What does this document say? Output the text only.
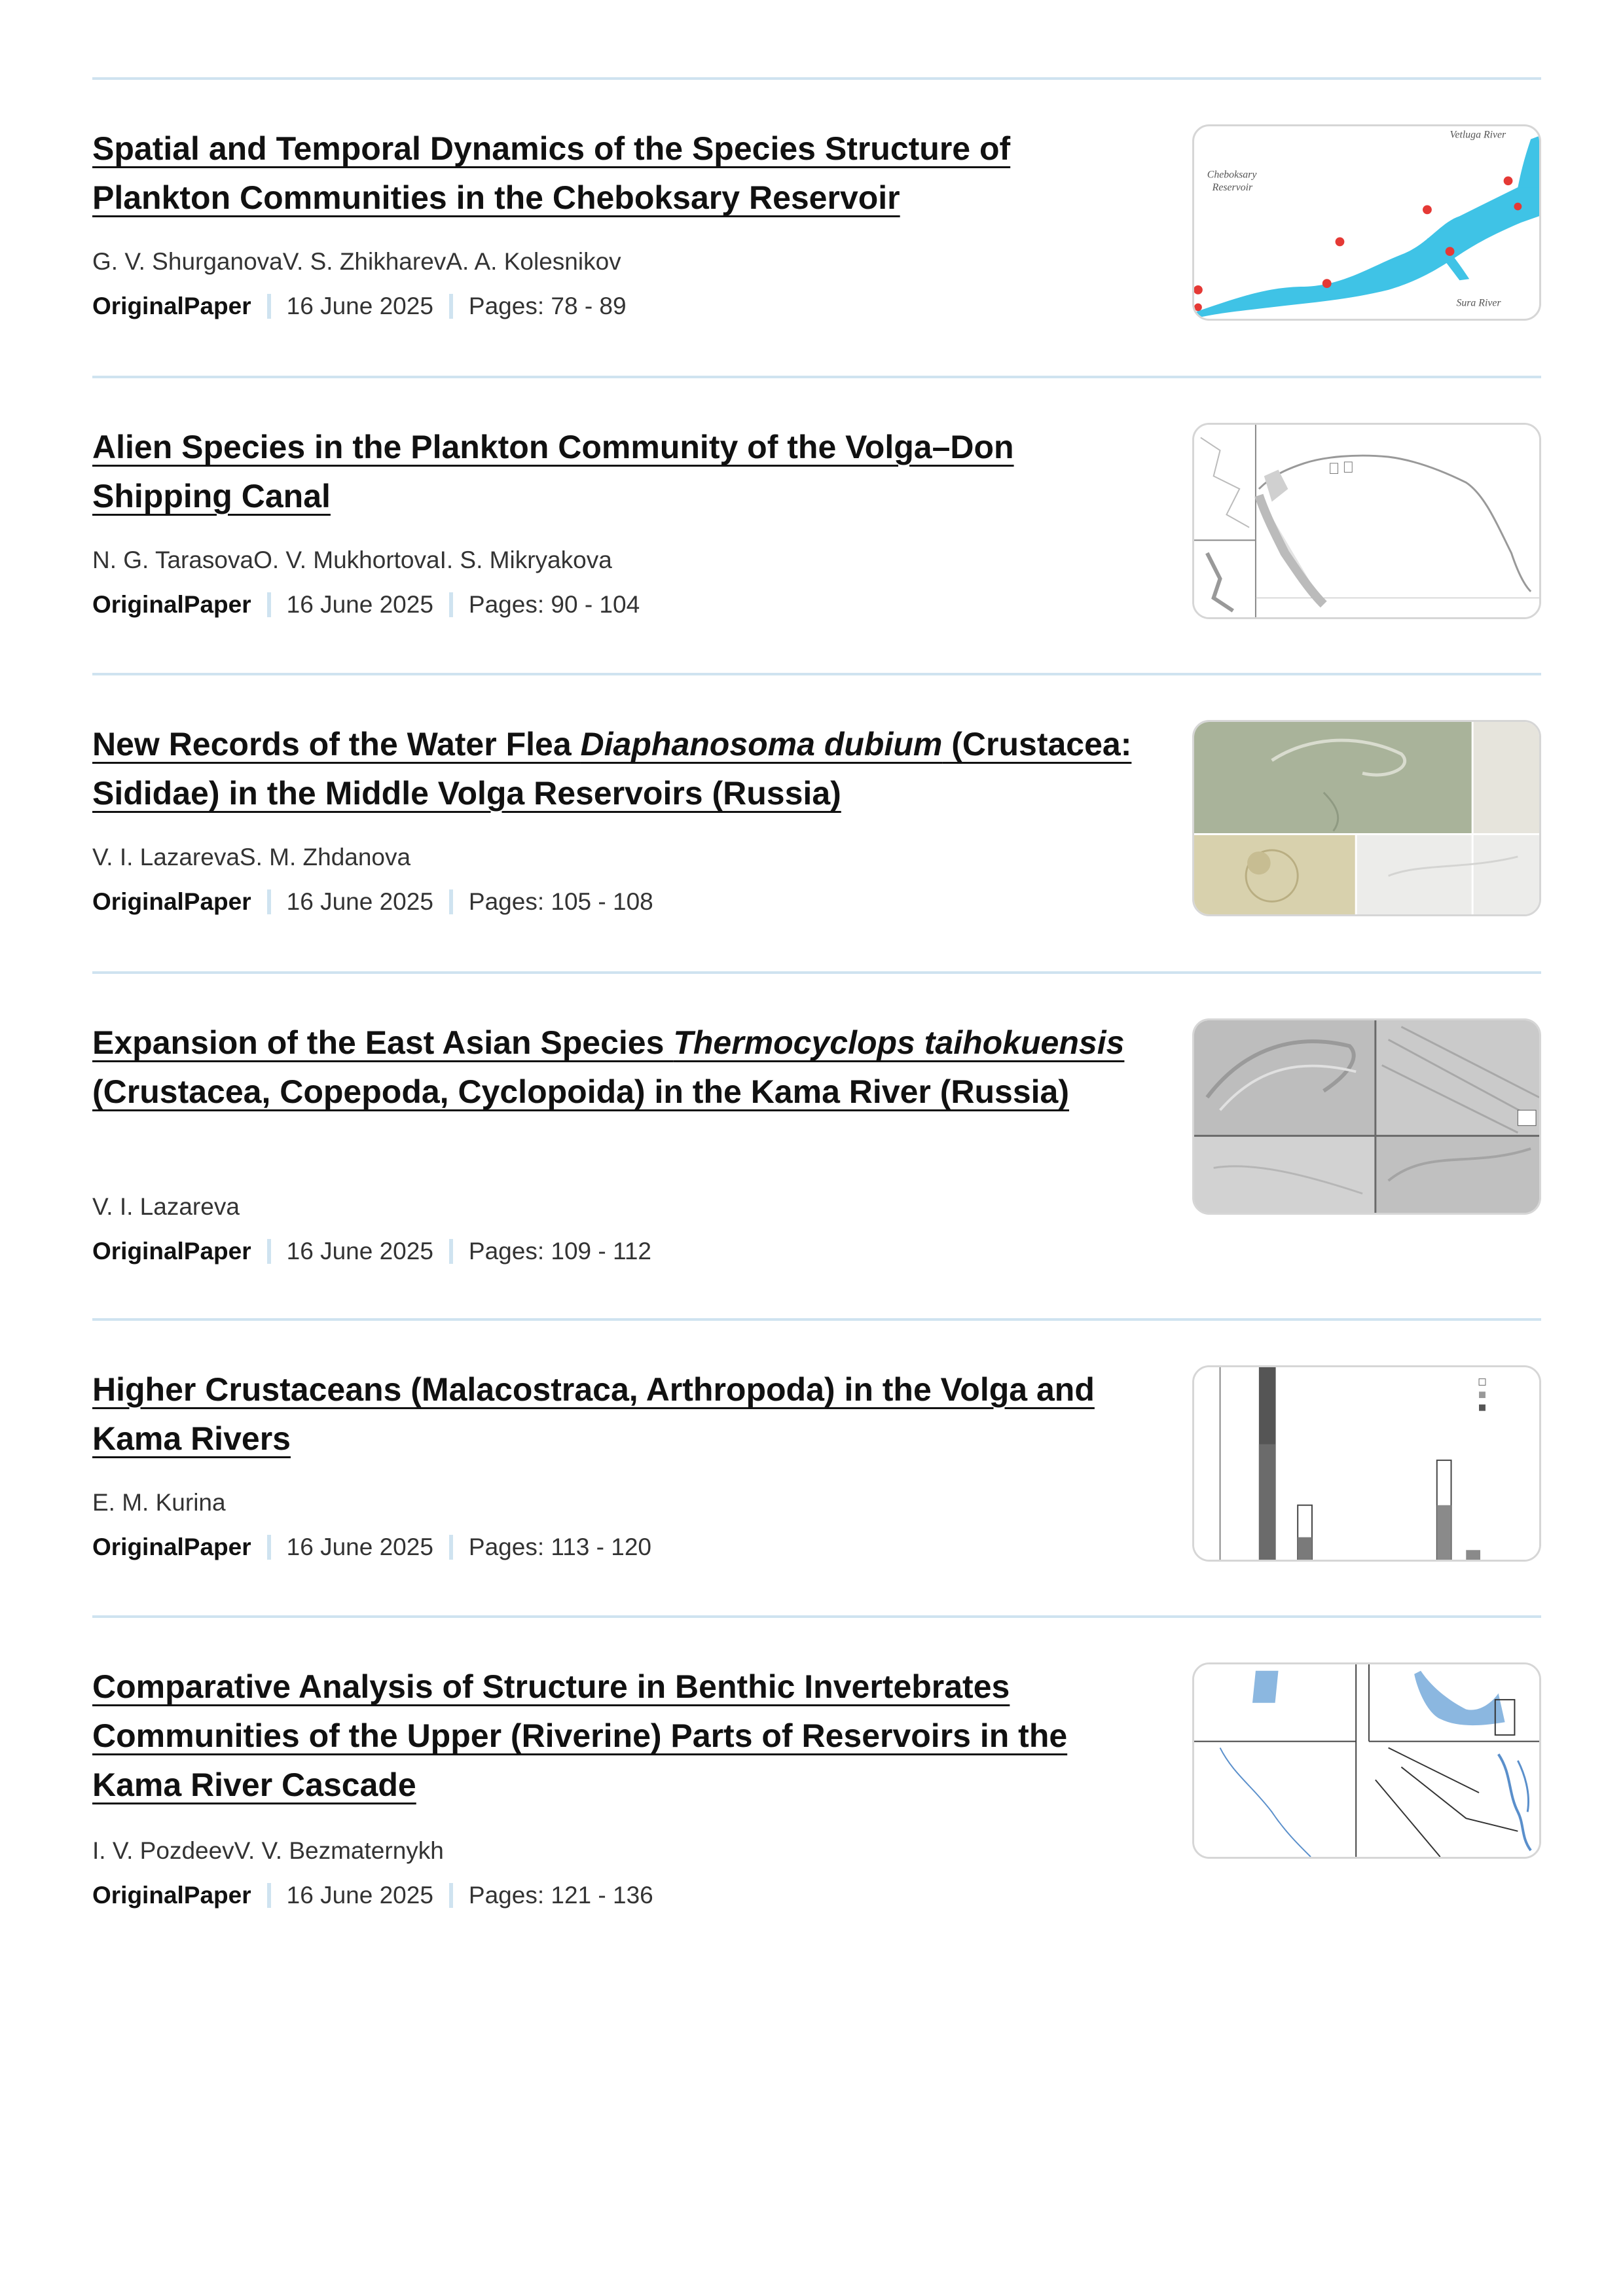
Spatial and Temporal Dynamics of the Species Structure of Plankton Communities in the Cheboksary Reservoir

G. V. ShurganovaV. S. ZhikharevA. A. Kolesnikov

OriginalPaper 16 June 2025 Pages: 78 - 89
Vetluga River
Cheboksary
Reservoir
Sura River
Alien Species in the Plankton Community of the Volga–Don Shipping Canal

N. G. TarasovaO. V. MukhortovaI. S. Mikryakova

OriginalPaper 16 June 2025 Pages: 90 - 104
New Records of the Water Flea Diaphanosoma dubium (Crustacea: Sididae) in the Middle Volga Reservoirs (Russia)

V. I. LazarevaS. M. Zhdanova

OriginalPaper 16 June 2025 Pages: 105 - 108
Expansion of the East Asian Species Thermocyclops taihokuensis (Crustacea, Copepoda, Cyclopoida) in the Kama River (Russia)

V. I. Lazareva

OriginalPaper 16 June 2025 Pages: 109 - 112
Higher Crustaceans (Malacostraca, Arthropoda) in the Volga and Kama Rivers

E. M. Kurina

OriginalPaper 16 June 2025 Pages: 113 - 120
Comparative Analysis of Structure in Benthic Invertebrates Communities of the Upper (Riverine) Parts of Reservoirs in the Kama River Cascade

I. V. PozdeevV. V. Bezmaternykh

OriginalPaper 16 June 2025 Pages: 121 - 136
